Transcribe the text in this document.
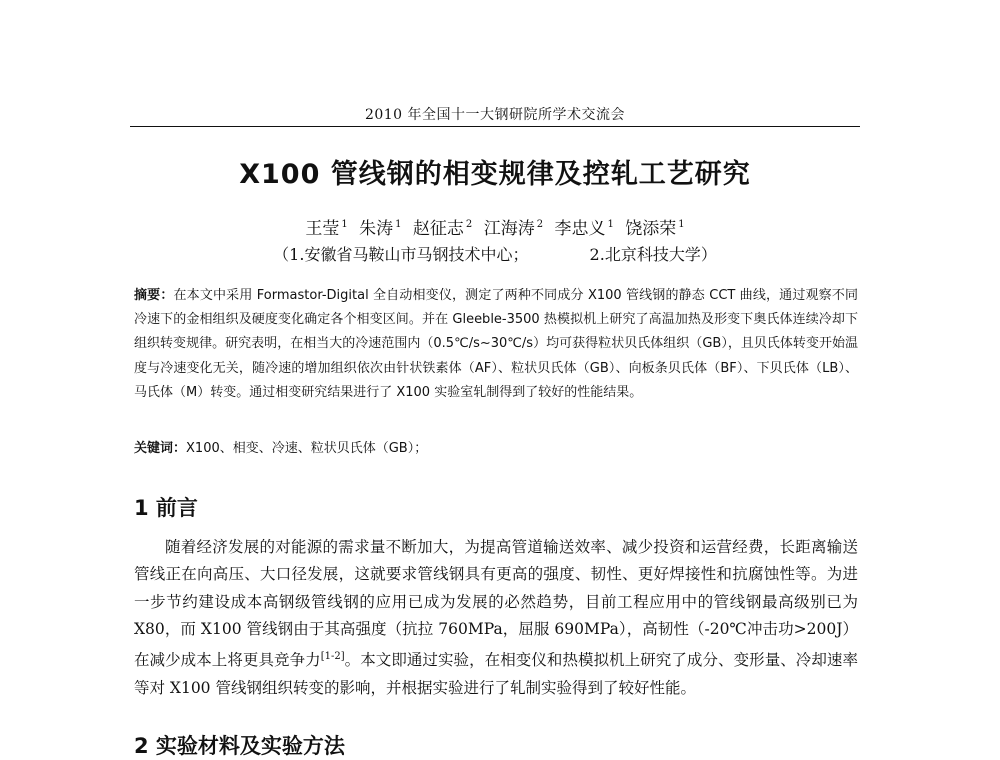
2010 年全国十一大钢研院所学术交流会
X100 管线钢的相变规律及控轧工艺研究
王莹 $^1$ 朱涛 $^1$ 赵征志 $^2$ 江海涛 $^2$ 李忠义 $^1$ 饶添荣 $^1$
（1.安徽省马鞍山市马钢技术中心；	2.北京科技大学）
摘要：在本文中采用 Formastor-Digital 全自动相变仪，测定了两种不同成分 X100 管线钢的静态 CCT 曲线，通过观察不同冷速下的金相组织及硬度变化确定各个相变区间。并在 Gleeble-3500 热模拟机上研究了高温加热及形变下奥氏体连续冷却下组织转变规律。研究表明，在相当大的冷速范围内（0.5℃/s~30℃/s）均可获得粒状贝氏体组织（GB），且贝氏体转变开始温度与冷速变化无关，随冷速的增加组织依次由针状铁素体（AF）、粒状贝氏体（GB）、向板条贝氏体（BF）、下贝氏体（LB）、马氏体（M）转变。通过相变研究结果进行了 X100 实验室轧制得到了较好的性能结果。
关键词：X100、相变、冷速、粒状贝氏体（GB）；
1 前言
随着经济发展的对能源的需求量不断加大，为提高管道输送效率、减少投资和运营经费，长距离输送管线正在向高压、大口径发展，这就要求管线钢具有更高的强度、韧性、更好焊接性和抗腐蚀性等。为进一步节约建设成本高钢级管线钢的应用已成为发展的必然趋势，目前工程应用中的管线钢最高级别已为 X80，而 X100 管线钢由于其高强度（抗拉 760MPa，屈服 690MPa），高韧性（-20℃冲击功>200J）在减少成本上将更具竞争力[1-2]。本文即通过实验，在相变仪和热模拟机上研究了成分、变形量、冷却速率等对 X100 管线钢组织转变的影响，并根据实验进行了轧制实验得到了较好性能。
2 实验材料及实验方法
